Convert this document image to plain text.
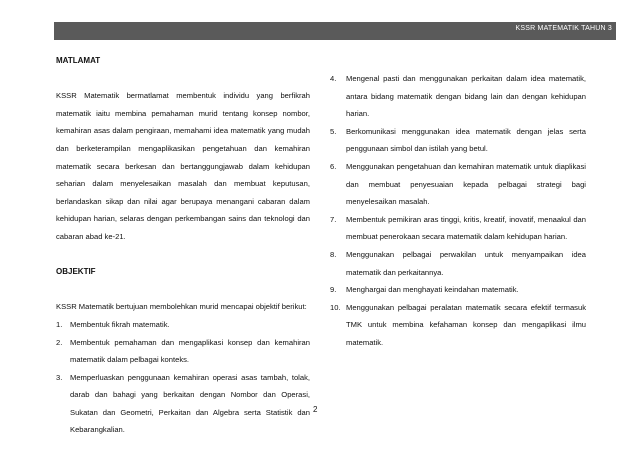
KSSR MATEMATIK TAHUN 3

MATLAMAT

KSSR Matematik bermatlamat membentuk individu yang berfikrah matematik iaitu membina pemahaman murid tentang konsep nombor, kemahiran asas dalam pengiraan, memahami idea matematik yang mudah dan berketerampilan mengaplikasikan pengetahuan dan kemahiran matematik secara berkesan dan bertanggungjawab dalam kehidupan seharian dalam menyelesaikan masalah dan membuat keputusan, berlandaskan sikap dan nilai agar berupaya menangani cabaran dalam kehidupan harian, selaras dengan perkembangan sains dan teknologi dan cabaran abad ke-21.

OBJEKTIF

KSSR Matematik bertujuan membolehkan murid mencapai objektif berikut:

1.	Membentuk fikrah matematik.
2.	Membentuk pemahaman dan mengaplikasi konsep dan kemahiran matematik dalam pelbagai konteks.
3.	Memperluaskan penggunaan kemahiran operasi asas tambah, tolak, darab dan bahagi yang berkaitan dengan Nombor dan Operasi, Sukatan dan Geometri, Perkaitan dan Algebra serta Statistik dan Kebarangkalian.
4.	Mengenal pasti dan menggunakan perkaitan dalam idea matematik, antara bidang matematik dengan bidang lain dan dengan kehidupan harian.
5.	Berkomunikasi menggunakan idea matematik dengan jelas serta penggunaan simbol dan istilah yang betul.
6.	Menggunakan pengetahuan dan kemahiran matematik untuk diaplikasi dan membuat penyesuaian kepada pelbagai strategi bagi menyelesaikan masalah.
7.	Membentuk pemikiran aras tinggi, kritis, kreatif, inovatif, menaakul dan membuat penerokaan secara matematik dalam kehidupan harian.
8.	Menggunakan pelbagai perwakilan untuk menyampaikan idea matematik dan perkaitannya.
9.	Menghargai dan menghayati keindahan matematik.
10. Menggunakan pelbagai peralatan matematik secara efektif termasuk TMK untuk membina kefahaman konsep dan mengaplikasi ilmu matematik.
2
